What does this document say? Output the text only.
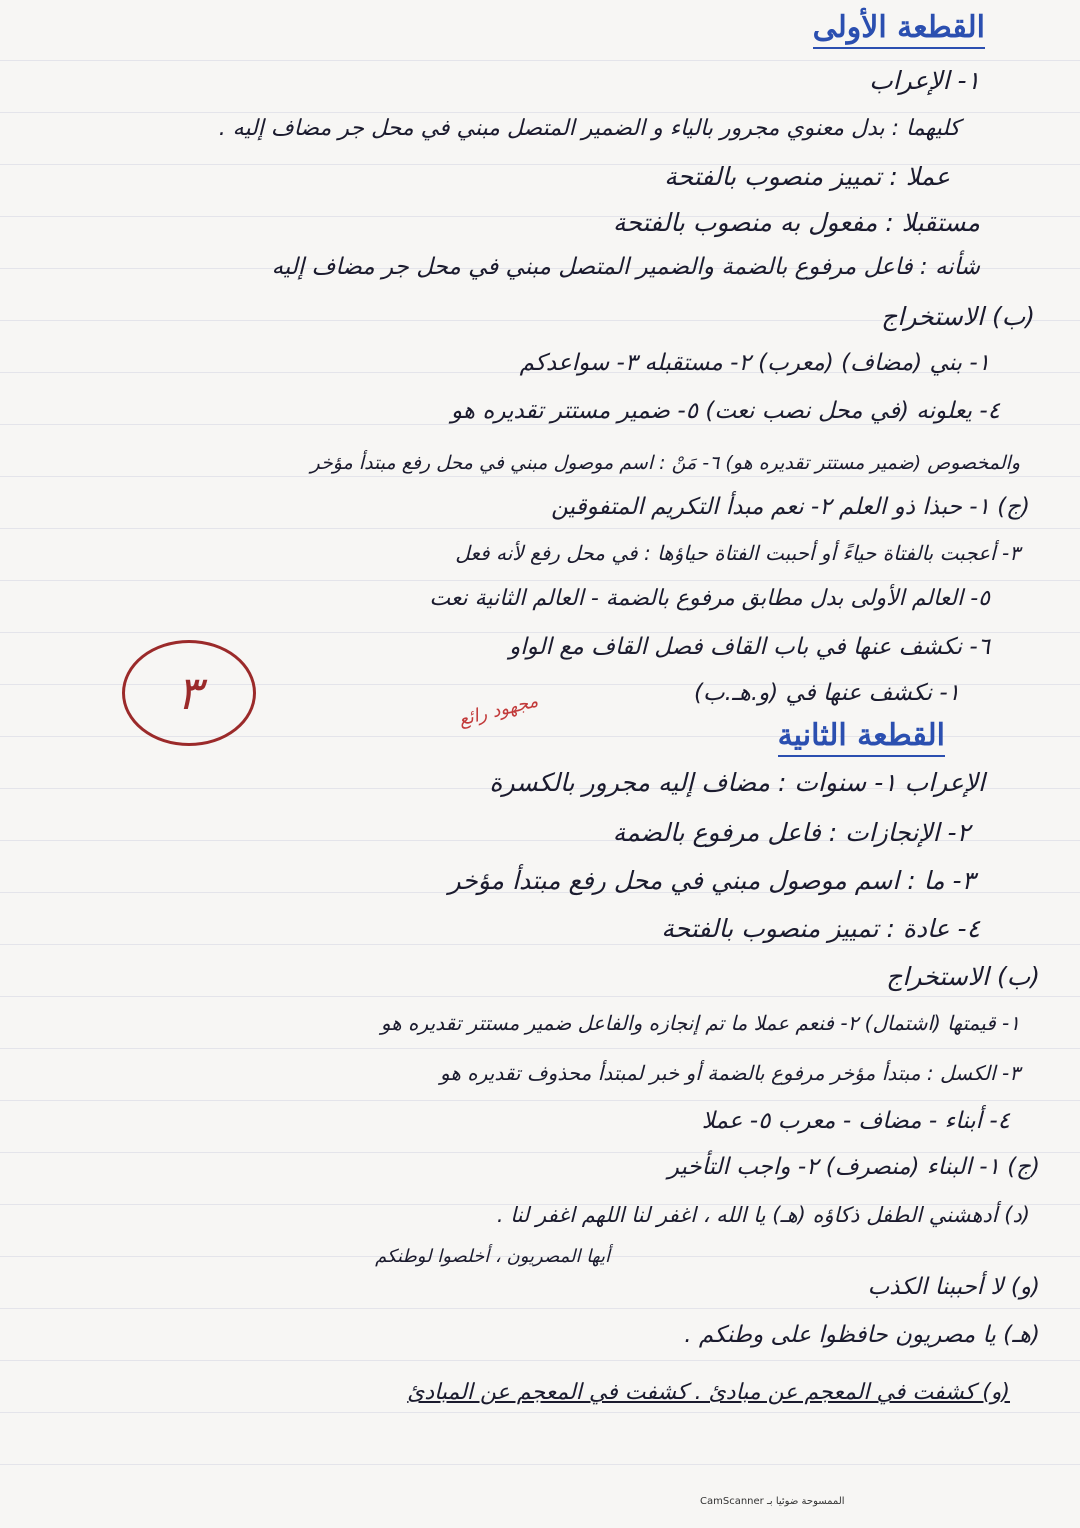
القطعة الأولى
١- الإعراب
كليهما : بدل معنوي مجرور بالياء و الضمير المتصل مبني في محل جر مضاف إليه .
عملا : تمييز منصوب بالفتحة
مستقبلا : مفعول به منصوب بالفتحة
شأنه : فاعل مرفوع بالضمة والضمير المتصل مبني في محل جر مضاف إليه
(ب) الاستخراج
١- بني (مضاف) (معرب) ٢- مستقبله ٣- سواعدكم
٤- يعلونه (في محل نصب نعت) ٥- ضمير مستتر تقديره هو
والمخصوص (ضمير مستتر تقديره هو) ٦- مَنْ : اسم موصول مبني في محل رفع مبتدأ مؤخر
(ج) ١- حبذا ذو العلم ٢- نعم مبدأ التكريم المتفوقين
٣- أعجبت بالفتاة حياءً أو أحببت الفتاة حياؤها : في محل رفع لأنه فعل
٥- العالم الأولى بدل مطابق مرفوع بالضمة - العالم الثانية نعت
٦- نكشف عنها في باب القاف فصل القاف مع الواو
١- نكشف عنها في (و.هـ.ب)
٣	مجهود رائع
القطعة الثانية
الإعراب ١- سنوات : مضاف إليه مجرور بالكسرة
٢- الإنجازات : فاعل مرفوع بالضمة
٣- ما : اسم موصول مبني في محل رفع مبتدأ مؤخر
٤- عادة : تمييز منصوب بالفتحة
(ب) الاستخراج
١- قيمتها (اشتمال) ٢- فنعم عملا ما تم إنجازه والفاعل ضمير مستتر تقديره هو
٣- الكسل : مبتدأ مؤخر مرفوع بالضمة أو خبر لمبتدأ محذوف تقديره هو
٤- أبناء - مضاف - معرب ٥- عملا
(ج) ١- البناء (منصرف) ٢- واجب التأخير
(د) أدهشني الطفل ذكاؤه (هـ) يا الله ، اغفر لنا اللهم اغفر لنا .
أيها المصريون ، أخلصوا لوطنكم
(و) لا أحببنا الكذب
(هـ) يا مصريون حافظوا على وطنكم .
(و) كشفت في المعجم عن مبادئ . كشفت في المعجم عن المبادئ
الممسوحة ضوئيا بـ CamScanner
